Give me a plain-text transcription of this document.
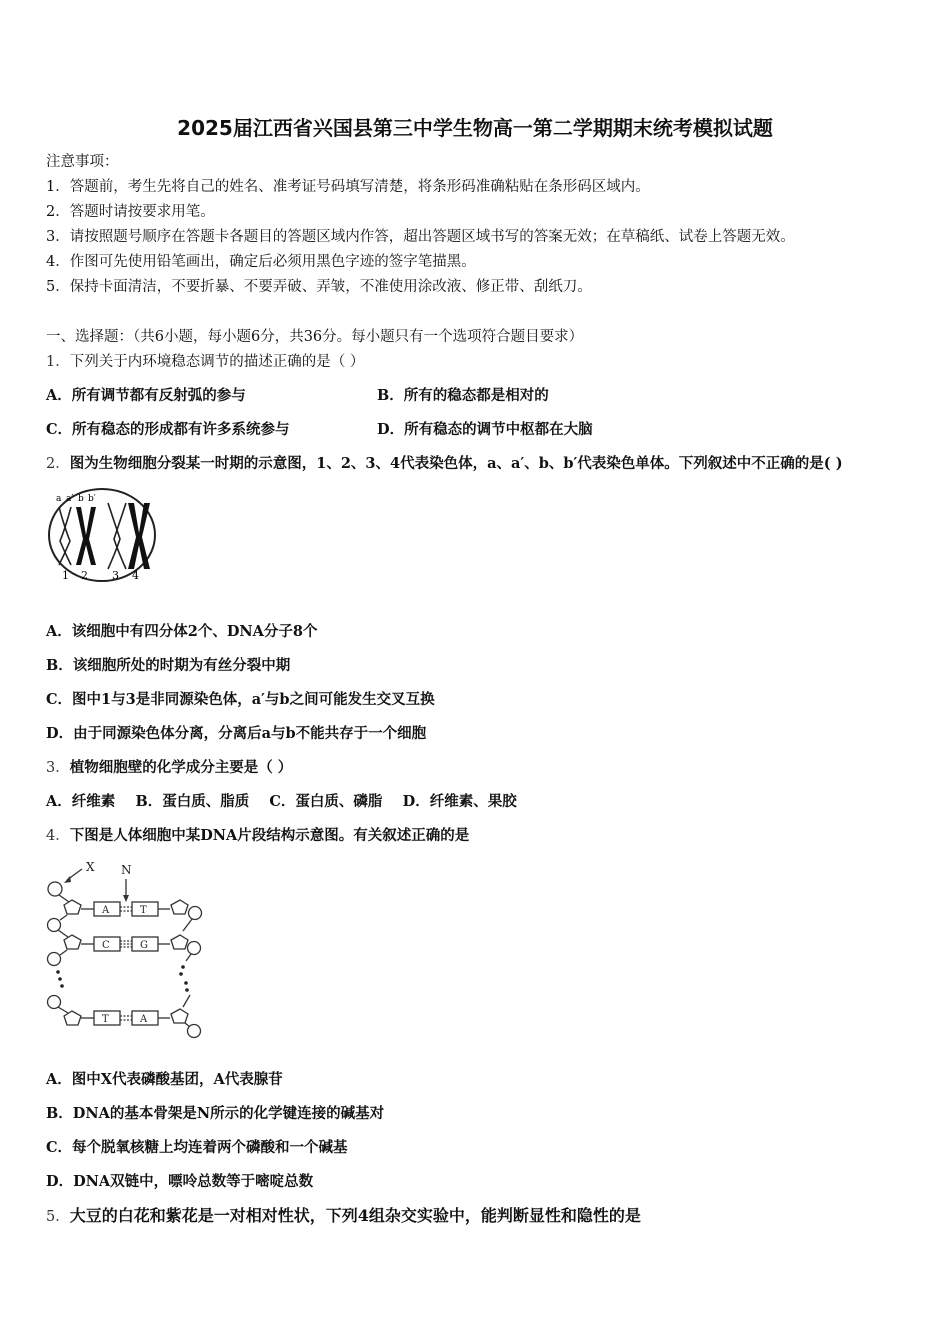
2025届江西省兴国县第三中学生物高一第二学期期末统考模拟试题
注意事项：
1．答题前，考生先将自己的姓名、准考证号码填写清楚，将条形码准确粘贴在条形码区域内。
2．答题时请按要求用笔。
3．请按照题号顺序在答题卡各题目的答题区域内作答，超出答题区域书写的答案无效；在草稿纸、试卷上答题无效。
4．作图可先使用铅笔画出，确定后必须用黑色字迹的签字笔描黑。
5．保持卡面清洁，不要折暴、不要弄破、弄皱，不准使用涂改液、修正带、刮纸刀。
一、选择题：（共6小题，每小题6分，共36分。每小题只有一个选项符合题目要求）
1．下列关于内环境稳态调节的描述正确的是（ ）
A．所有调节都有反射弧的参与	B．所有的稳态都是相对的
C．所有稳态的形成都有许多系统参与	D．所有稳态的调节中枢都在大脑
2．图为生物细胞分裂某一时期的示意图，1、2、3、4代表染色体，a、a′、b、b′代表染色单体。下列叙述中不正确的是( )
a a′ b b′
1 2 3 4
A．该细胞中有四分体2个、DNA分子8个
B．该细胞所处的时期为有丝分裂中期
C．图中1与3是非同源染色体，a′与b之间可能发生交叉互换
D．由于同源染色体分离，分离后a与b不能共存于一个细胞
3．植物细胞壁的化学成分主要是（ ）
A．纤维素    B．蛋白质、脂质    C．蛋白质、磷脂    D．纤维素、果胶
4．下图是人体细胞中某DNA片段结构示意图。有关叙述正确的是
X N
A	T
C	G
T	A
A．图中X代表磷酸基团，A代表腺苷
B．DNA的基本骨架是N所示的化学键连接的碱基对
C．每个脱氧核糖上均连着两个磷酸和一个碱基
D．DNA双链中，嘌呤总数等于嘧啶总数
5．大豆的白花和紫花是一对相对性状，下列4组杂交实验中，能判断显性和隐性的是
